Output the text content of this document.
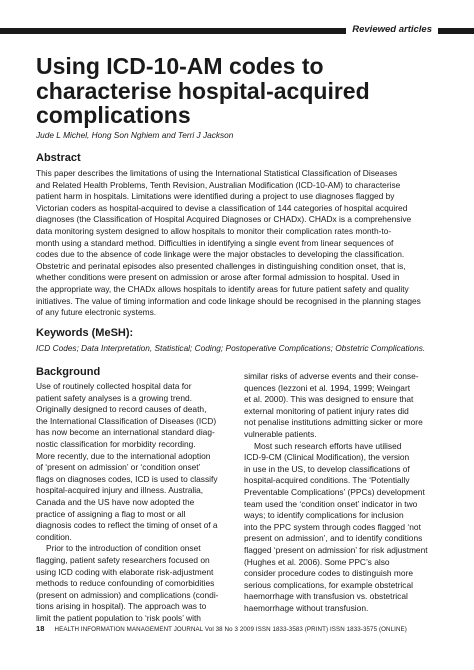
Reviewed articles
Using ICD-10-AM codes to
characterise hospital-acquired
complications
Jude L Michel, Hong Son Nghiem and Terri J Jackson
Abstract
This paper describes the limitations of using the International Statistical Classification of Diseases
and Related Health Problems, Tenth Revision, Australian Modification (ICD-10-AM) to characterise
patient harm in hospitals. Limitations were identified during a project to use diagnoses flagged by
Victorian coders as hospital-acquired to devise a classification of 144 categories of hospital acquired
diagnoses (the Classification of Hospital Acquired Diagnoses or CHADx). CHADx is a comprehensive
data monitoring system designed to allow hospitals to monitor their complication rates month-to-
month using a standard method. Difficulties in identifying a single event from linear sequences of
codes due to the absence of code linkage were the major obstacles to developing the classification.
Obstetric and perinatal episodes also presented challenges in distinguishing condition onset, that is,
whether conditions were present on admission or arose after formal admission to hospital. Used in
the appropriate way, the CHADx allows hospitals to identify areas for future patient safety and quality
initiatives. The value of timing information and code linkage should be recognised in the planning stages
of any future electronic systems.
Keywords (MeSH):
ICD Codes; Data Interpretation, Statistical; Coding; Postoperative Complications; Obstetric Complications.
Background
Use of routinely collected hospital data for
patient safety analyses is a growing trend.
Originally designed to record causes of death,
the International Classification of Diseases (ICD)
has now become an international standard diag-
nostic classification for morbidity recording.
More recently, due to the international adoption
of ‘present on admission’ or ‘condition onset’
flags on diagnoses codes, ICD is used to classify
hospital-acquired injury and illness. Australia,
Canada and the US have now adopted the
practice of assigning a flag to most or all
diagnosis codes to reflect the timing of onset of a
condition.
Prior to the introduction of condition onset
flagging, patient safety researchers focused on
using ICD coding with elaborate risk-adjustment
methods to reduce confounding of comorbidities
(present on admission) and complications (condi-
tions arising in hospital). The approach was to
limit the patient population to ‘risk pools’ with
similar risks of adverse events and their conse-
quences (Iezzoni et al. 1994, 1999; Weingart
et al. 2000). This was designed to ensure that
external monitoring of patient injury rates did
not penalise institutions admitting sicker or more
vulnerable patients.
Most such research efforts have utilised
ICD-9-CM (Clinical Modification), the version
in use in the US, to develop classifications of
hospital-acquired conditions. The ‘Potentially
Preventable Complications’ (PPCs) development
team used the ‘condition onset’ indicator in two
ways; to identify complications for inclusion
into the PPC system through codes flagged ‘not
present on admission’, and to identify conditions
flagged ‘present on admission’ for risk adjustment
(Hughes et al. 2006). Some PPC’s also
consider procedure codes to distinguish more
serious complications, for example obstetrical
haemorrhage with transfusion vs. obstetrical
haemorrhage without transfusion.
18 HEALTH INFORMATION MANAGEMENT JOURNAL Vol 38 No 3 2009 ISSN 1833-3583 (PRINT) ISSN 1833-3575 (ONLINE)
